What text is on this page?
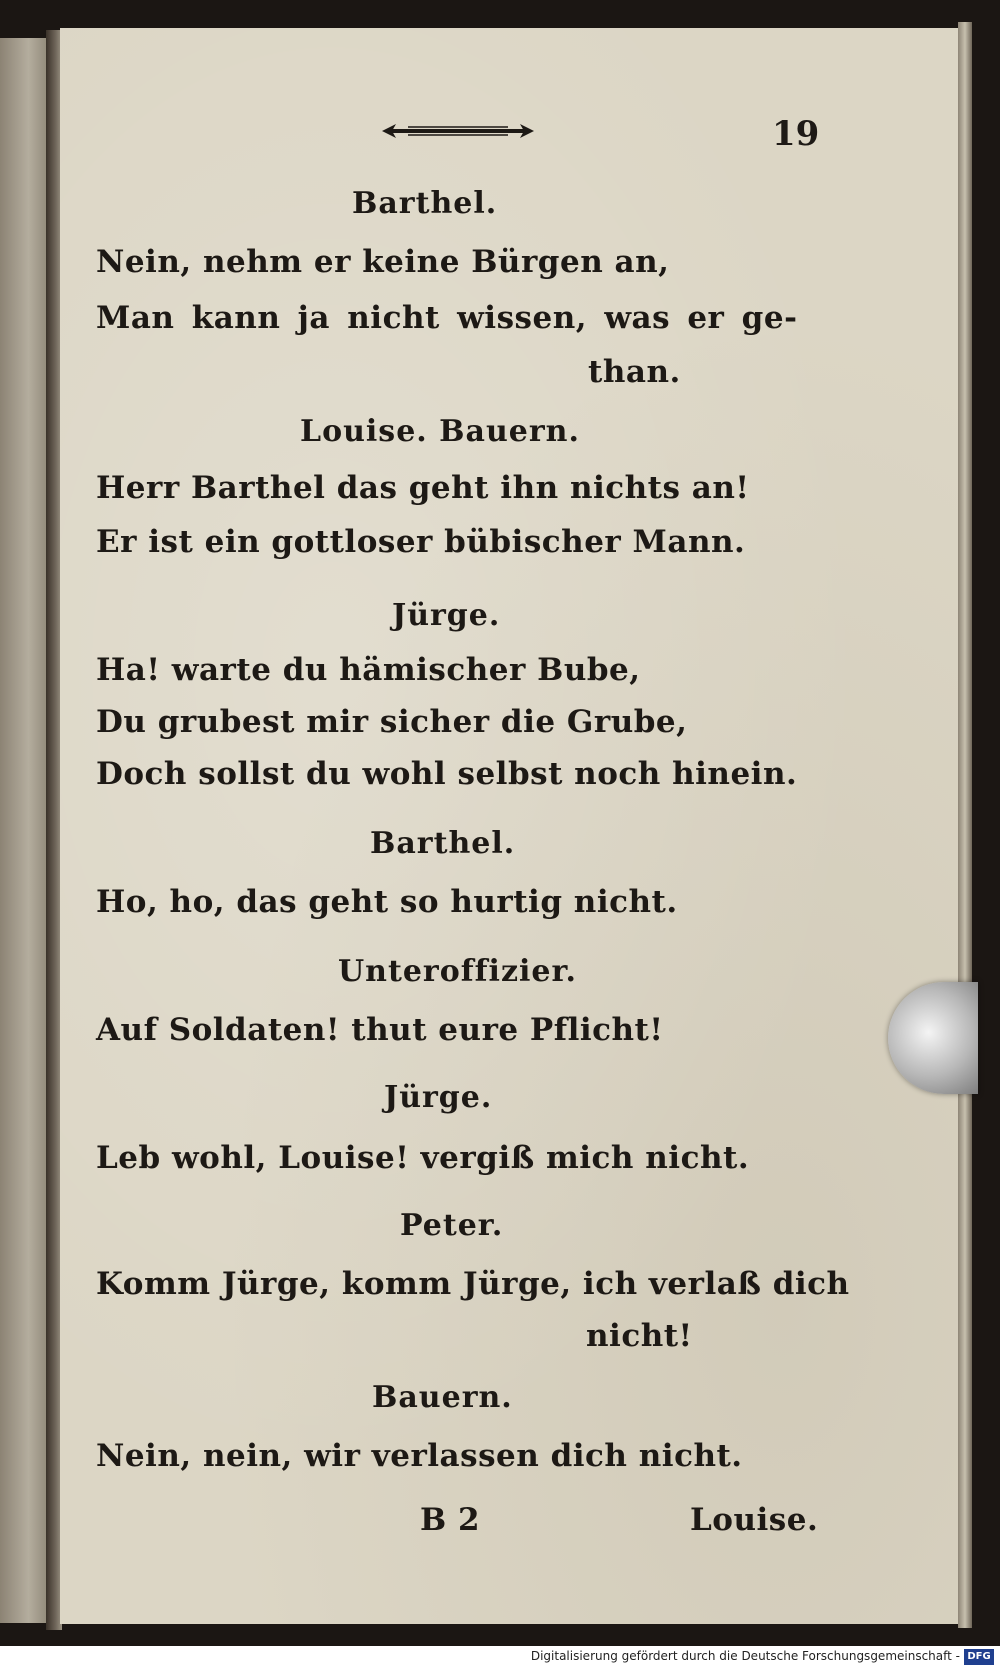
19
Barthel.
Nein, nehm er keine Bürgen an,
Man kann ja nicht wissen, was er ge-
than.
Louise. Bauern.
Herr Barthel das geht ihn nichts an!
Er ist ein gottloser bübischer Mann.
Jürge.
Ha! warte du hämischer Bube,
Du grubest mir sicher die Grube,
Doch sollst du wohl selbst noch hinein.
Barthel.
Ho, ho, das geht so hurtig nicht.
Unteroffizier.
Auf Soldaten! thut eure Pflicht!
Jürge.
Leb wohl, Louise! vergiß mich nicht.
Peter.
Komm Jürge, komm Jürge, ich verlaß dich
nicht!
Bauern.
Nein, nein, wir verlassen dich nicht.
B 2	Louise.
Digitalisierung gefördert durch die Deutsche Forschungsgemeinschaft - DFG
